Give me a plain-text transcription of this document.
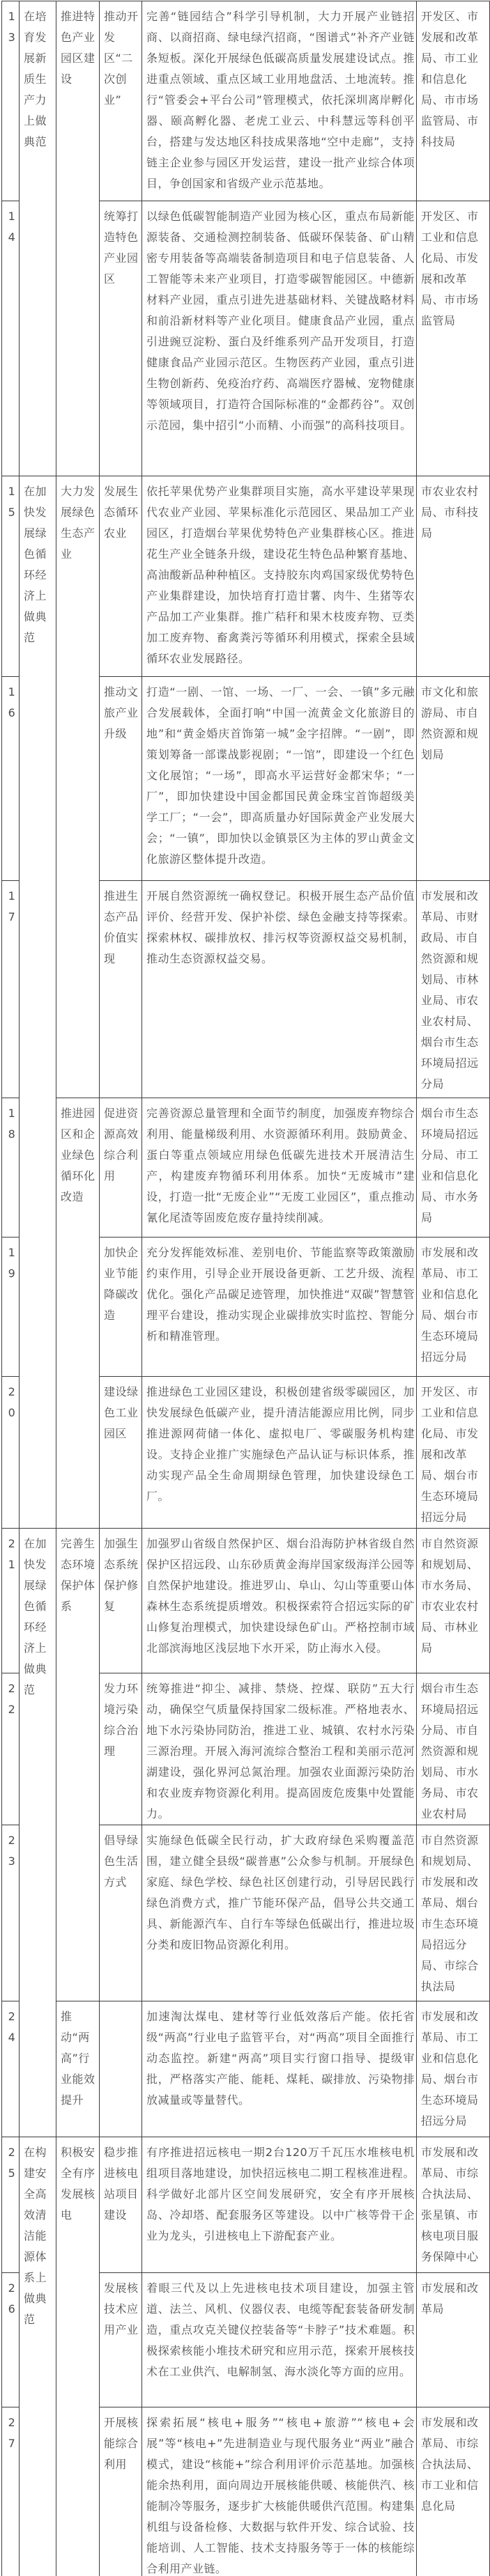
13	在培育发展新质生产力上做典范	推进特色产业园区建设	推动开发区“二次创业”	完善“链园结合”科学引导机制，大力开展产业链招商、以商招商、绿电绿汽招商，“图谱式”补齐产业链条短板。深化开展绿色低碳高质量发展建设试点。推进重点领域、重点区域工业用地盘活、土地流转。推行“管委会+平台公司”管理模式，依托深圳离岸孵化器、颐高孵化器、老虎工业云、中科慧远等科创平台，搭建与发达地区科技成果落地“空中走廊”，支持链主企业参与园区开发运营，建设一批产业综合体项目，争创国家和省级产业示范基地。	开发区、市发展和改革局、市工业和信息化局、市市场监管局、市科技局
14			统筹打造特色产业园区	以绿色低碳智能制造产业园为核心区，重点布局新能源装备、交通检测控制装备、低碳环保装备、矿山精密专用装备等高端装备制造项目和电子信息装备、人工智能等未来产业项目，打造零碳智能园区。中德新材料产业园，重点引进先进基础材料、关键战略材料和前沿新材料等产业化项目。健康食品产业园，重点引进豌豆淀粉、蛋白及纤维系列产品开发项目，打造健康食品产业园示范区。生物医药产业园，重点引进生物创新药、免疫治疗药、高端医疗器械、宠物健康等领域项目，打造符合国际标准的“金都药谷”。双创示范园，集中招引“小而精、小而强”的高科技项目。	开发区、市工业和信息化局、市发展和改革局、市市场监管局
15	在加快发展绿色循环经济上做典范	大力发展绿色生态产业	发展生态循环农业	依托苹果优势产业集群项目实施，高水平建设苹果现代农业产业园、苹果标准化示范园区、果品加工产业园区，打造烟台苹果优势特色产业集群核心区。推进花生产业全链条升级，建设花生特色品种繁育基地、高油酸新品种种植区。支持胶东肉鸡国家级优势特色产业集群建设，加快培育打造甘薯、肉牛、生猪等农产品加工产业集群。推广秸秆和果木枝废弃物、豆类加工废弃物、畜禽粪污等循环利用模式，探索全县域循环农业发展路径。	市农业农村局、市科技局
16			推动文旅产业升级	打造“一剧、一馆、一场、一厂、一会、一镇”多元融合发展载体，全面打响“中国一流黄金文化旅游目的地”和“黄金婚庆首饰第一城”金字招牌。“一剧”，即策划筹备一部谍战影视剧；“一馆”，即建设一个红色文化展馆；“一场”，即高水平运营好金都宋华；“一厂”，即加快建设中国金都国民黄金珠宝首饰超级美学工厂；“一会”，即高质量办好国际黄金产业发展大会；“一镇”，即加快以金镇景区为主体的罗山黄金文化旅游区整体提升改造。	市文化和旅游局、市自然资源和规划局
17			推进生态产品价值实现	开展自然资源统一确权登记。积极开展生态产品价值评价、经营开发、保护补偿、绿色金融支持等探索。探索林权、碳排放权、排污权等资源权益交易机制，推动生态资源权益交易。	市发展和改革局、市财政局、市自然资源和规划局、市林业局、市农业农村局、烟台市生态环境局招远分局
18		推进园区和企业绿色循环化改造	促进资源高效综合利用	完善资源总量管理和全面节约制度，加强废弃物综合利用、能量梯级利用、水资源循环利用。鼓励黄金、蛋白等重点领域应用绿色低碳先进技术开展清洁生产，构建废弃物循环利用体系。加快“无废城市”建设，打造一批“无废企业”“无废工业园区”，重点推动氰化尾渣等固废危废存量持续削减。	烟台市生态环境局招远分局、市工业和信息化局、市水务局
19			加快企业节能降碳改造	充分发挥能效标准、差别电价、节能监察等政策激励约束作用，引导企业开展设备更新、工艺升级、流程优化。强化产品碳足迹管理，加快推进“双碳”智慧管理平台建设，推动实现企业碳排放实时监控、智能分析和精准管理。	市发展和改革局、市工业和信息化局、烟台市生态环境局招远分局
20			建设绿色工业园区	推进绿色工业园区建设，积极创建省级零碳园区，加快发展绿色低碳产业，提升清洁能源应用比例，同步推进源网荷储一体化、虚拟电厂、零碳服务机构建设。支持企业推广实施绿色产品认证与标识体系，推动实现产品全生命周期绿色管理，加快建设绿色工厂。	开发区、市工业和信息化局、市发展和改革局、烟台市生态环境局招远分局
21	在加快发展绿色循环经济上做典范	完善生态环境保护体系	加强生态系统保护修复	加强罗山省级自然保护区、烟台沿海防护林省级自然保护区招远段、山东砂质黄金海岸国家级海洋公园等自然保护地建设。推进罗山、阜山、勾山等重要山体森林生态系统提质增效。积极探索符合招远实际的矿山修复治理模式，加快建设绿色矿山。严格控制市域北部滨海地区浅层地下水开采，防止海水入侵。	市自然资源和规划局、市水务局、市农业农村局、市林业局
22			发力环境污染综合治理	统筹推进“抑尘、减排、禁烧、控煤、联防”五大行动，确保空气质量保持国家二级标准。严格地表水、地下水污染协同防治，推进工业、城镇、农村水污染三源治理。开展入海河流综合整治工程和美丽示范河湖建设，强化界河总氮治理。加强农业面源污染防治和农业废弃物资源化利用。提高固废危废集中处置能力。	烟台市生态环境局招远分局、市自然资源和规划局、市水务局、市农业农村局
23			倡导绿色生活方式	实施绿色低碳全民行动，扩大政府绿色采购覆盖范围，建立健全县级“碳普惠”公众参与机制。开展绿色家庭、绿色学校、绿色社区创建行动，引导居民践行绿色消费方式，推广节能环保产品，倡导公共交通工具、新能源汽车、自行车等绿色低碳出行，推进垃圾分类和废旧物品资源化利用。	市自然资源和规划局、市发展和改革局、烟台市生态环境局招远分局、市综合执法局
24		推动“两高”行业能效提升		加速淘汰煤电、建材等行业低效落后产能。依托省级“两高”行业电子监管平台，对“两高”项目全面推行动态监控。新建“两高”项目实行窗口指导、提级审批，严格落实产能、能耗、煤耗、碳排放、污染物排放减量或等量替代。	市发展和改革局、市工业和信息化局、烟台市生态环境局招远分局
25	在构建安全高效清洁能源体系上做典范	积极安全有序发展核电	稳步推进核电站项目建设	有序推进招远核电一期2台120万千瓦压水堆核电机组项目落地建设，加快招远核电二期工程核准进程。科学做好北部片区空间发展研究，安全有序开展核岛、冷却塔、配套服务区等建设。以中广核等骨干企业为龙头，引进核电上下游配套产业。	市发展和改革局、市综合执法局、张星镇、市核电项目服务保障中心
26			发展核技术应用产业	着眼三代及以上先进核电技术项目建设，加强主管道、法兰、风机、仪器仪表、电缆等配套装备研发制造，重点攻克关键仪控装备等“卡脖子”技术难题。积极探索核能小堆技术研究和应用示范，探索开展核技术在工业供汽、电解制氢、海水淡化等方面的应用。	市发展和改革局
27			开展核能综合利用	探索拓展“核电+服务”“核电+旅游”“核电+会展”等“核电+”先进制造业与现代服务业“两业”融合模式，建设“核能+”综合利用评价示范基地。加强核能余热利用，面向周边开展核能供暖、核能供汽、核能制冷等服务，逐步扩大核能供暖供汽范围。构建集机组与设备检修、大数据与软件开发、综合试验、技能培训、人工智能、技术支持服务等于一体的核能综合利用产业链。	市发展和改革局、市综合执法局、市工业和信息化局
